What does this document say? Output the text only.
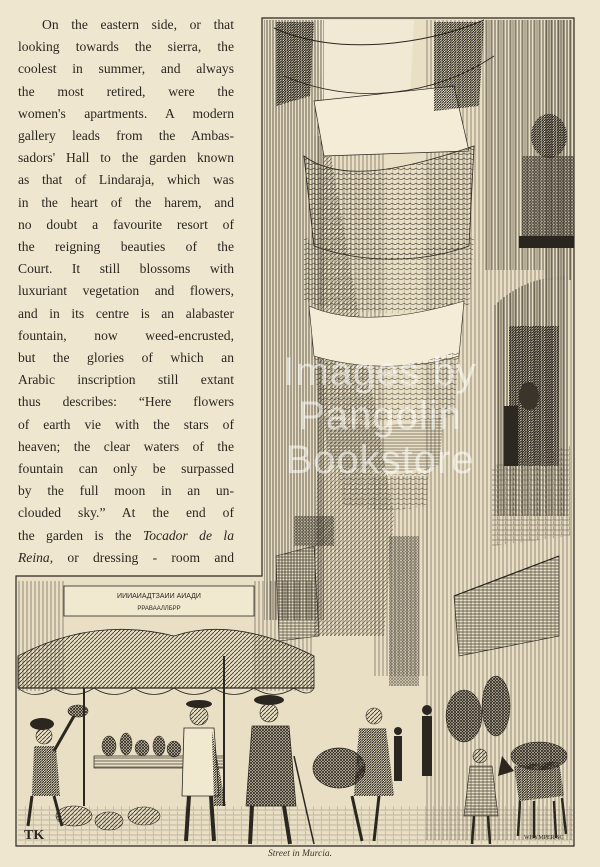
ИИИАИАДТЗАИИ АИАДИ
РРАВААЛЛБРР
TK	WHYMPER SC
On the eastern side, or that
looking towards the sierra, the
coolest in summer, and always
the most retired, were the
women's apartments. A modern
gallery leads from the Ambas-
sadors' Hall to the garden known
as that of Lindaraja, which was
in the heart of the harem, and
no doubt a favourite resort of
the reigning beauties of the
Court. It still blossoms with
luxuriant vegetation and flowers,
and in its centre is an alabaster
fountain, now weed-encrusted,
but the glories of which an
Arabic inscription still extant
thus describes: “Here flowers
of earth vie with the stars of
heaven; the clear waters of the
fountain can only be surpassed
by the full moon in an un-
clouded sky.” At the end of
the garden is the Tocador de la
Reina, or dressing - room and
Images by
Pangolin Bookstore
Street in Murcia.
